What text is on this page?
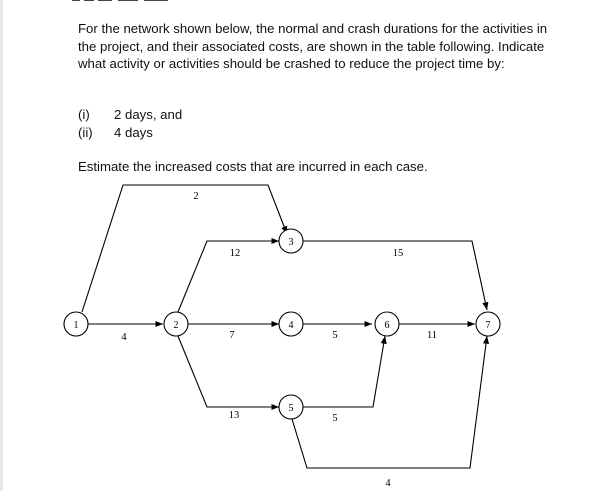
For the network shown below, the normal and crash durations for the activities in the project, and their associated costs, are shown in the table following. Indicate what activity or activities should be crashed to reduce the project time by:

(i)	2 days, and
(ii)	4 days
Estimate the increased costs that are incurred in each case.
1	2
3
4
5
6	7
4
2
12
7
13
15
5
5
11
4
